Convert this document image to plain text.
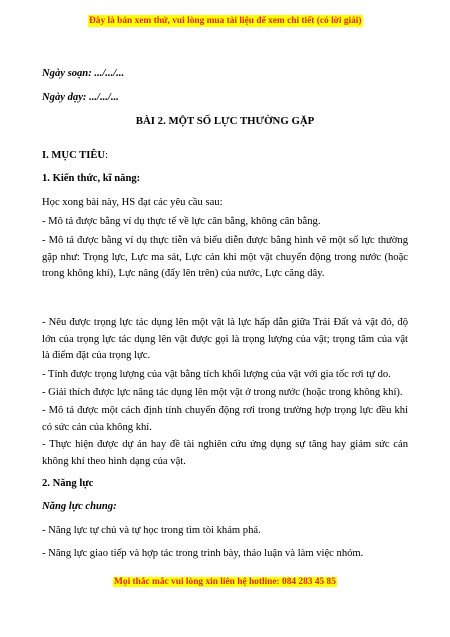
Đây là bản xem thử, vui lòng mua tài liệu để xem chi tiết (có lời giải)
Ngày soạn: .../.../...
Ngày dạy: .../.../...
BÀI 2. MỘT SỐ LỰC THƯỜNG GẶP
I. MỤC TIÊU:
1. Kiến thức, kĩ năng:
Học xong bài này, HS đạt các yêu cầu sau:
- Mô tả được bằng ví dụ thực tế về lực cân bằng, không cân bằng.
- Mô tả được bằng ví dụ thực tiễn và biểu diễn được bằng hình vẽ một số lực thường gặp như: Trọng lực, Lực ma sát, Lực cản khi một vật chuyển động trong nước (hoặc trong không khí), Lực nâng (đẩy lên trên) của nước, Lực căng dây.
- Nêu được trọng lực tác dụng lên một vật là lực hấp dẫn giữa Trái Đất và vật đó, độ lớn của trọng lực tác dụng lên vật được gọi là trọng lượng của vật; trọng tâm của vật là điểm đặt của trọng lực.
- Tính được trọng lượng của vật bằng tích khối lượng của vật với gia tốc rơi tự do.
- Giải thích được lực nâng tác dụng lên một vật ở trong nước (hoặc trong không khí).
- Mô tả được một cách định tính chuyển động rơi trong trường hợp trọng lực đều khi có sức cản của không khí.
- Thực hiện được dự án hay đề tài nghiên cứu ứng dụng sự tăng hay giảm sức cản không khí theo hình dạng của vật.
2. Năng lực
Năng lực chung:
- Năng lực tự chủ và tự học trong tìm tòi khám phá.
- Năng lực giao tiếp và hợp tác trong trình bày, thảo luận và làm việc nhóm.
Mọi thắc mắc vui lòng xin liên hệ hotline: 084 283 45 85
